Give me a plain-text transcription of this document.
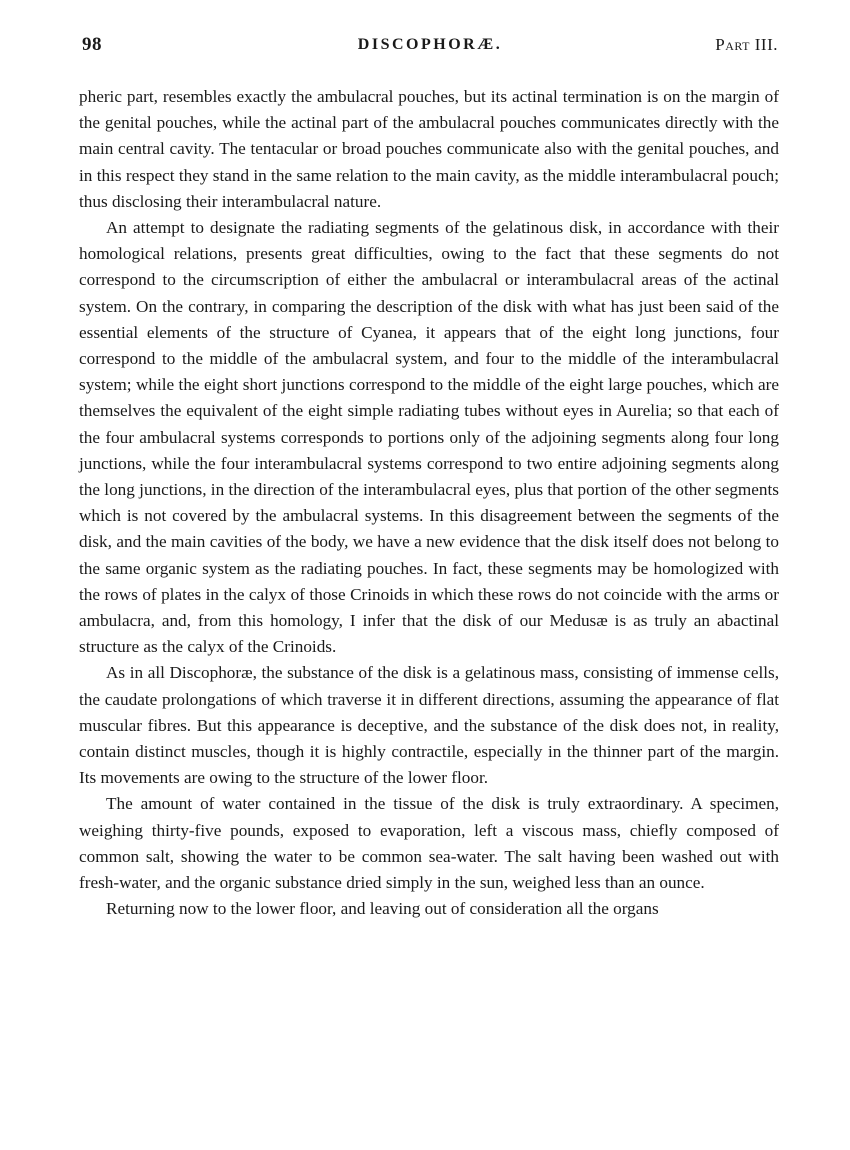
98	DISCOPHORÆ.	Part III.

pheric part, resembles exactly the ambulacral pouches, but its actinal termination is on the margin of the genital pouches, while the actinal part of the ambulacral pouches communicates directly with the main central cavity. The tentacular or broad pouches communicate also with the genital pouches, and in this respect they stand in the same relation to the main cavity, as the middle interambulacral pouch; thus disclosing their interambulacral nature.

An attempt to designate the radiating segments of the gelatinous disk, in accordance with their homological relations, presents great difficulties, owing to the fact that these segments do not correspond to the circumscription of either the ambulacral or interambulacral areas of the actinal system. On the contrary, in comparing the description of the disk with what has just been said of the essential elements of the structure of Cyanea, it appears that of the eight long junctions, four correspond to the middle of the ambulacral system, and four to the middle of the interambulacral system; while the eight short junctions correspond to the middle of the eight large pouches, which are themselves the equivalent of the eight simple radiating tubes without eyes in Aurelia; so that each of the four ambulacral systems corresponds to portions only of the adjoining segments along four long junctions, while the four interambulacral systems correspond to two entire adjoining segments along the long junctions, in the direction of the interambulacral eyes, plus that portion of the other segments which is not covered by the ambulacral systems. In this disagreement between the segments of the disk, and the main cavities of the body, we have a new evidence that the disk itself does not belong to the same organic system as the radiating pouches. In fact, these segments may be homologized with the rows of plates in the calyx of those Crinoids in which these rows do not coincide with the arms or ambulacra, and, from this homology, I infer that the disk of our Medusæ is as truly an abactinal structure as the calyx of the Crinoids.

As in all Discophoræ, the substance of the disk is a gelatinous mass, consisting of immense cells, the caudate prolongations of which traverse it in different directions, assuming the appearance of flat muscular fibres. But this appearance is deceptive, and the substance of the disk does not, in reality, contain distinct muscles, though it is highly contractile, especially in the thinner part of the margin. Its movements are owing to the structure of the lower floor.

The amount of water contained in the tissue of the disk is truly extraordinary. A specimen, weighing thirty-five pounds, exposed to evaporation, left a viscous mass, chiefly composed of common salt, showing the water to be common sea-water. The salt having been washed out with fresh-water, and the organic substance dried simply in the sun, weighed less than an ounce.

Returning now to the lower floor, and leaving out of consideration all the organs
